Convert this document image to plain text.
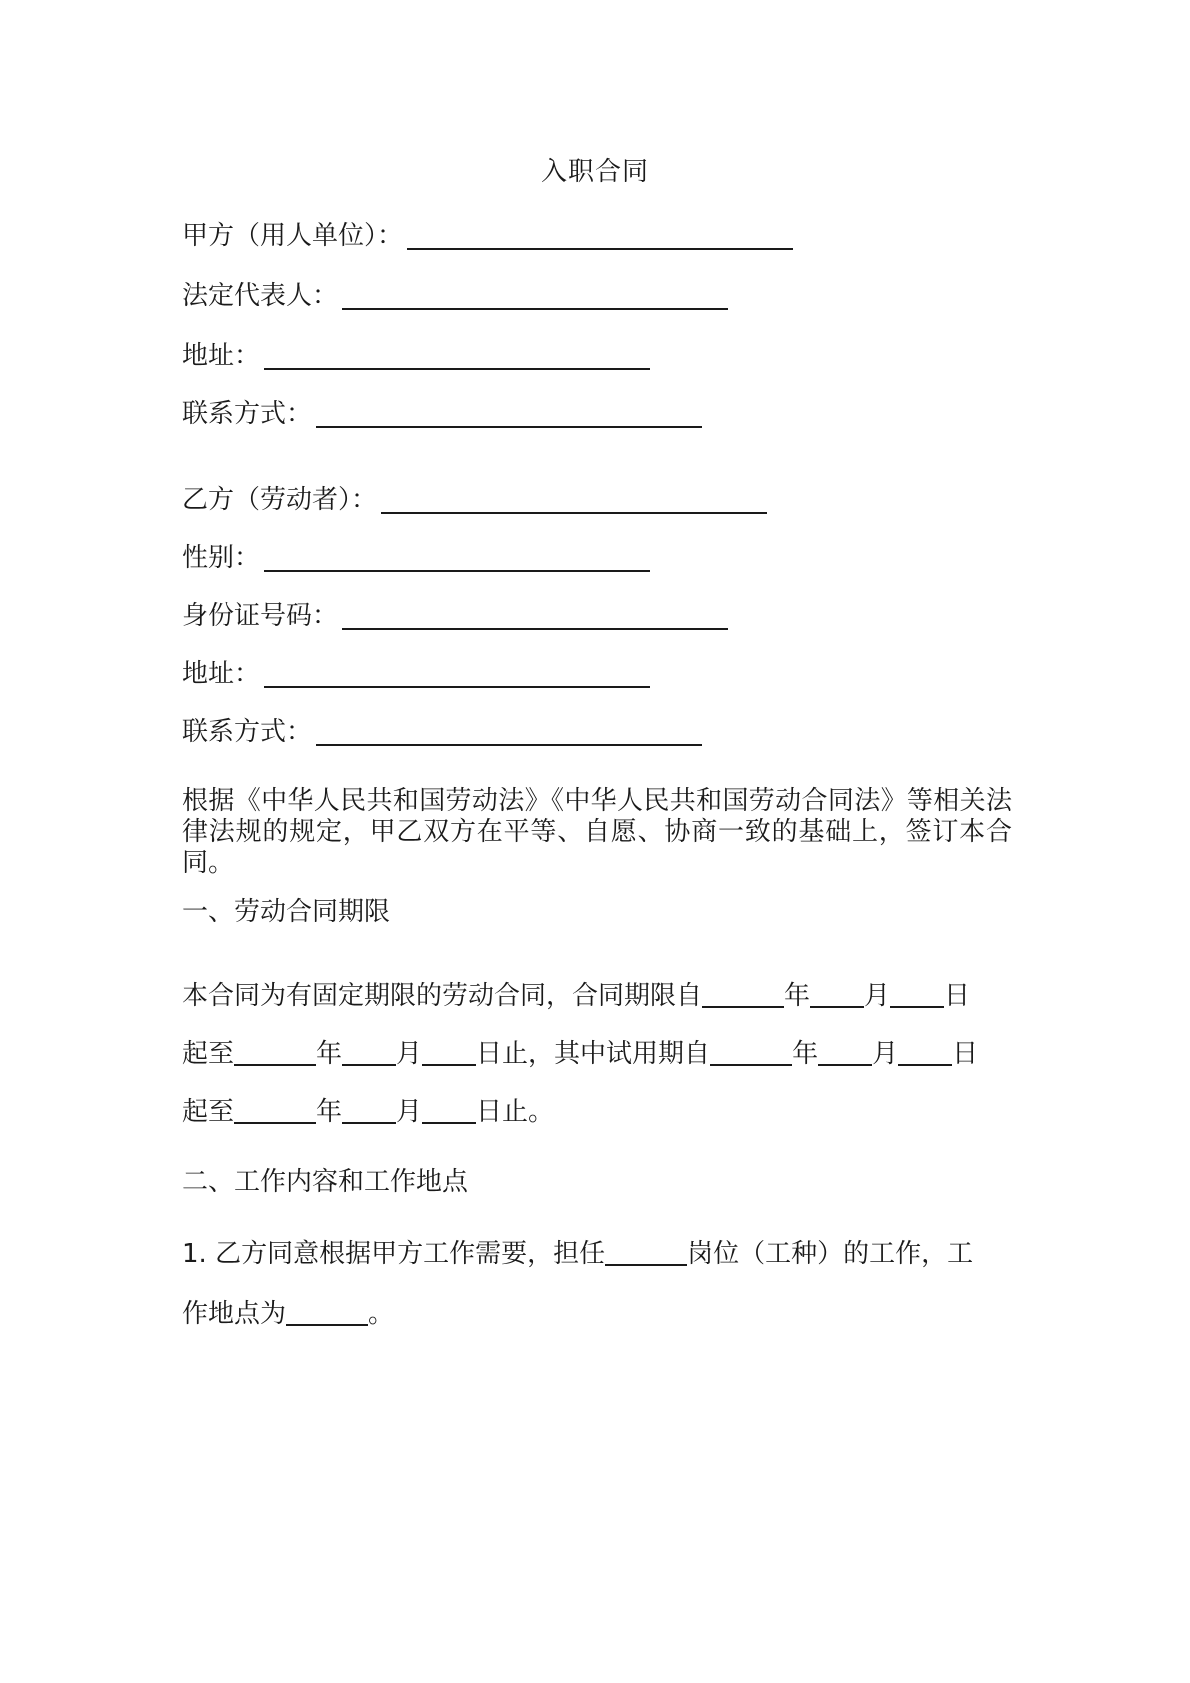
入职合同
甲方（用人单位）：
法定代表人：
地址：
联系方式：
乙方（劳动者）：
性别：
身份证号码：
地址：
联系方式：
根据《中华人民共和国劳动法》《中华人民共和国劳动合同法》等相关法律法规的规定，甲乙双方在平等、自愿、协商一致的基础上，签订本合同。
一、劳动合同期限
本合同为有固定期限的劳动合同，合同期限自	年 月 日
起至	年 月 日止，其中试用期自	年 月 日
起至	年 月 日止。
二、工作内容和工作地点
1. 乙方同意根据甲方工作需要，担任	岗位（工种）的工作，工
作地点为	。
